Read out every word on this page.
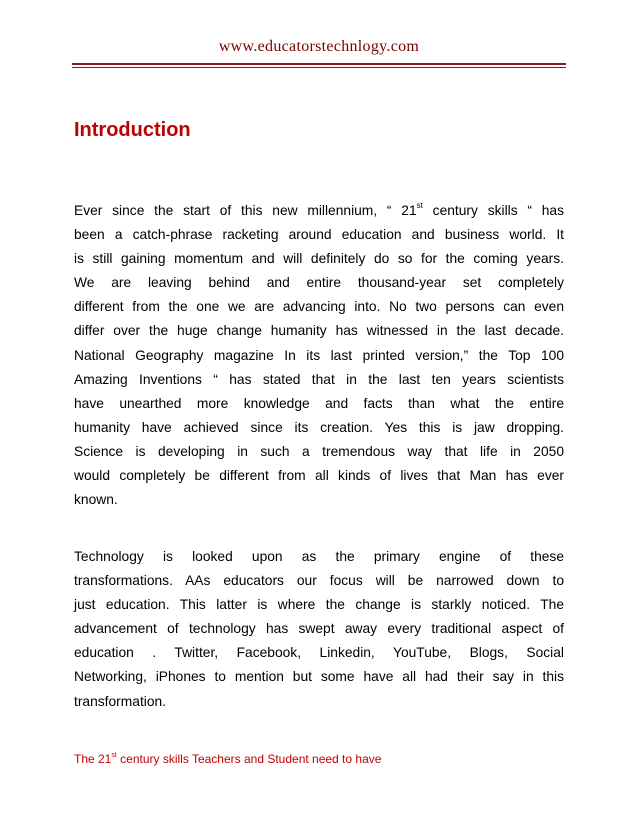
www.educatorstechnlogy.com
Introduction
Ever since the start of this new millennium, “ 21st century skills “ has
been a catch-phrase racketing around education and business world. It
is still gaining momentum and will definitely do so for the coming years.
We are leaving behind and entire thousand-year set completely
different from the one we are advancing into. No two persons can even
differ over the huge change humanity has witnessed in the last decade.
National Geography magazine In its last printed version,” the Top 100
Amazing Inventions “ has stated that in the last ten years scientists
have unearthed more knowledge and facts than what the entire
humanity have achieved since its creation. Yes this is jaw dropping.
Science is developing in such a tremendous way that life in 2050
would completely be different from all kinds of lives that Man has ever
known.
Technology is looked upon as the primary engine of these
transformations. AAs educators our focus will be narrowed down to
just education. This latter is where the change is starkly noticed. The
advancement of technology has swept away every traditional aspect of
education . Twitter, Facebook, Linkedin, YouTube, Blogs, Social
Networking, iPhones to mention but some have all had their say in this
transformation.

The 21st century skills Teachers and Student need to have
